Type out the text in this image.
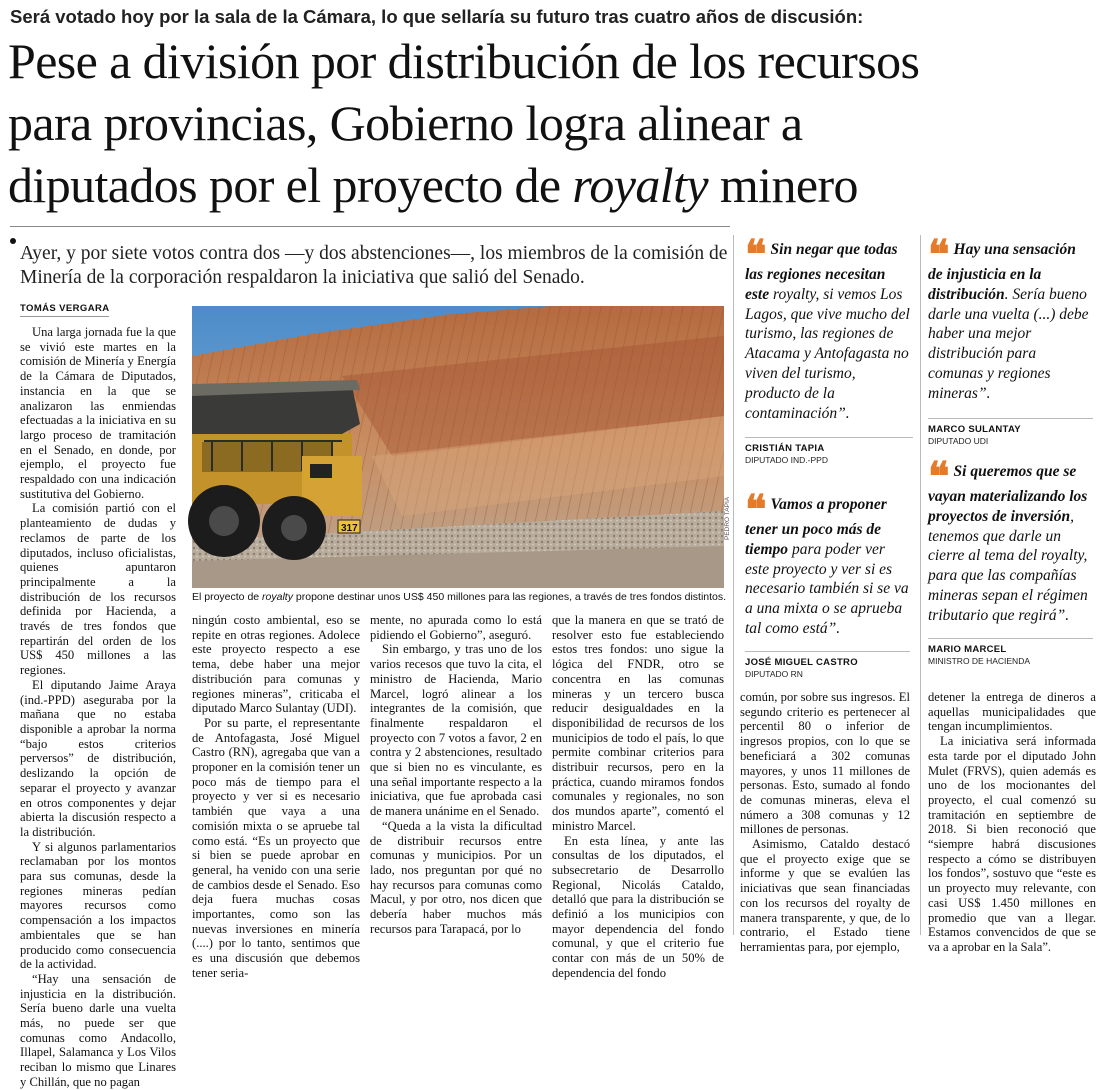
Será votado hoy por la sala de la Cámara, lo que sellaría su futuro tras cuatro años de discusión:
Pese a división por distribución de los recursos
para provincias, Gobierno logra alinear a
diputados por el proyecto de royalty minero
Ayer, y por siete votos contra dos —y dos abstenciones—, los miembros de la comisión de Minería de la corporación respaldaron la iniciativa que salió del Senado.
TOMÁS VERGARA

Una larga jornada fue la que se vivió este martes en la comisión de Minería y Energía de la Cámara de Diputados, instancia en la que se analizaron las enmiendas efectuadas a la iniciativa en su largo proceso de tramitación en el Senado, en donde, por ejemplo, el proyecto fue respaldado con una indicación sustitutiva del Gobierno.

La comisión partió con el planteamiento de dudas y reclamos de parte de los diputados, incluso oficialistas, quienes apuntaron principalmente a la distribución de los recursos definida por Hacienda, a través de tres fondos que repartirán del orden de los US$ 450 millones a las regiones.

El diputando Jaime Araya (ind.-PPD) aseguraba por la mañana que no estaba disponible a aprobar la norma “bajo estos criterios perversos” de distribución, deslizando la opción de separar el proyecto y avanzar en otros componentes y dejar abierta la discusión respecto a la distribución.

Y si algunos parlamentarios reclamaban por los montos para sus comunas, desde la regiones mineras pedían mayores recursos como compensación a los impactos ambientales que se han producido como consecuencia de la actividad.

“Hay una sensación de injusticia en la distribución. Sería bueno darle una vuelta más, no puede ser que comunas como Andacollo, Illapel, Salamanca y Los Vilos reciban lo mismo que Linares y Chillán, que no pagan

317	PEDRO TAPIA
El proyecto de royalty propone destinar unos US$ 450 millones para las regiones, a través de tres fondos distintos.

ningún costo ambiental, eso se repite en otras regiones. Adolece este proyecto respecto a ese tema, debe haber una mejor distribución para comunas y regiones mineras”, criticaba el diputado Marco Sulantay (UDI).

Por su parte, el representante de Antofagasta, José Miguel Castro (RN), agregaba que van a proponer en la comisión tener un poco más de tiempo para el proyecto y ver si es necesario también que vaya a una comisión mixta o se apruebe tal como está. “Es un proyecto que si bien se puede aprobar en general, ha venido con una serie de cambios desde el Senado. Eso deja fuera muchas cosas importantes, como son las nuevas inversiones en minería (....) por lo tanto, sentimos que es una discusión que debemos tener seria-

mente, no apurada como lo está pidiendo el Gobierno”, aseguró.

Sin embargo, y tras uno de los varios recesos que tuvo la cita, el ministro de Hacienda, Mario Marcel, logró alinear a los integrantes de la comisión, que finalmente respaldaron el proyecto con 7 votos a favor, 2 en contra y 2 abstenciones, resultado que si bien no es vinculante, es una señal importante respecto a la iniciativa, que fue aprobada casi de manera unánime en el Senado.

“Queda a la vista la dificultad de distribuir recursos entre comunas y municipios. Por un lado, nos preguntan por qué no hay recursos para comunas como Macul, y por otro, nos dicen que debería haber muchos más recursos para Tarapacá, por lo

que la manera en que se trató de resolver esto fue estableciendo estos tres fondos: uno sigue la lógica del FNDR, otro se concentra en las comunas mineras y un tercero busca reducir desigualdades en la disponibilidad de recursos de los municipios de todo el país, lo que permite combinar criterios para distribuir recursos, pero en la práctica, cuando miramos fondos comunales y regionales, no son dos mundos aparte”, comentó el ministro Marcel.

En esta línea, y ante las consultas de los diputados, el subsecretario de Desarrollo Regional, Nicolás Cataldo, detalló que para la distribución se definió a los municipios con mayor dependencia del fondo comunal, y que el criterio fue contar con más de un 50% de dependencia del fondo

❝ Sin negar que todas las regiones necesitan este royalty, si vemos Los Lagos, que vive mucho del turismo, las regiones de Atacama y Antofagasta no viven del turismo, producto de la contaminación”.
CRISTIÁN TAPIA
DIPUTADO IND.-PPD
❝ Vamos a proponer tener un poco más de tiempo para poder ver este proyecto y ver si es necesario también si se va a una mixta o se aprueba tal como está”.
JOSÉ MIGUEL CASTRO
DIPUTADO RN
❝ Hay una sensación de injusticia en la distribución. Sería bueno darle una vuelta (...) debe haber una mejor distribución para comunas y regiones mineras”.
MARCO SULANTAY
DIPUTADO UDI
❝ Si queremos que se vayan materializando los proyectos de inversión, tenemos que darle un cierre al tema del royalty, para que las compañías mineras sepan el régimen tributario que regirá”.
MARIO MARCEL
MINISTRO DE HACIENDA

común, por sobre sus ingresos. El segundo criterio es pertenecer al percentil 80 o inferior de ingresos propios, con lo que se beneficiará a 302 comunas mayores, y unos 11 millones de personas. Esto, sumado al fondo de comunas mineras, eleva el número a 308 comunas y 12 millones de personas.

Asimismo, Cataldo destacó que el proyecto exige que se informe y que se evalúen las iniciativas que sean financiadas con los recursos del royalty de manera transparente, y que, de lo contrario, el Estado tiene herramientas para, por ejemplo,

detener la entrega de dineros a aquellas municipalidades que tengan incumplimientos.

La iniciativa será informada esta tarde por el diputado John Mulet (FRVS), quien además es uno de los mocionantes del proyecto, el cual comenzó su tramitación en septiembre de 2018. Si bien reconoció que “siempre habrá discusiones respecto a cómo se distribuyen los fondos”, sostuvo que “este es un proyecto muy relevante, con casi US$ 1.450 millones en promedio que van a llegar. Estamos convencidos de que se va a aprobar en la Sala”.
